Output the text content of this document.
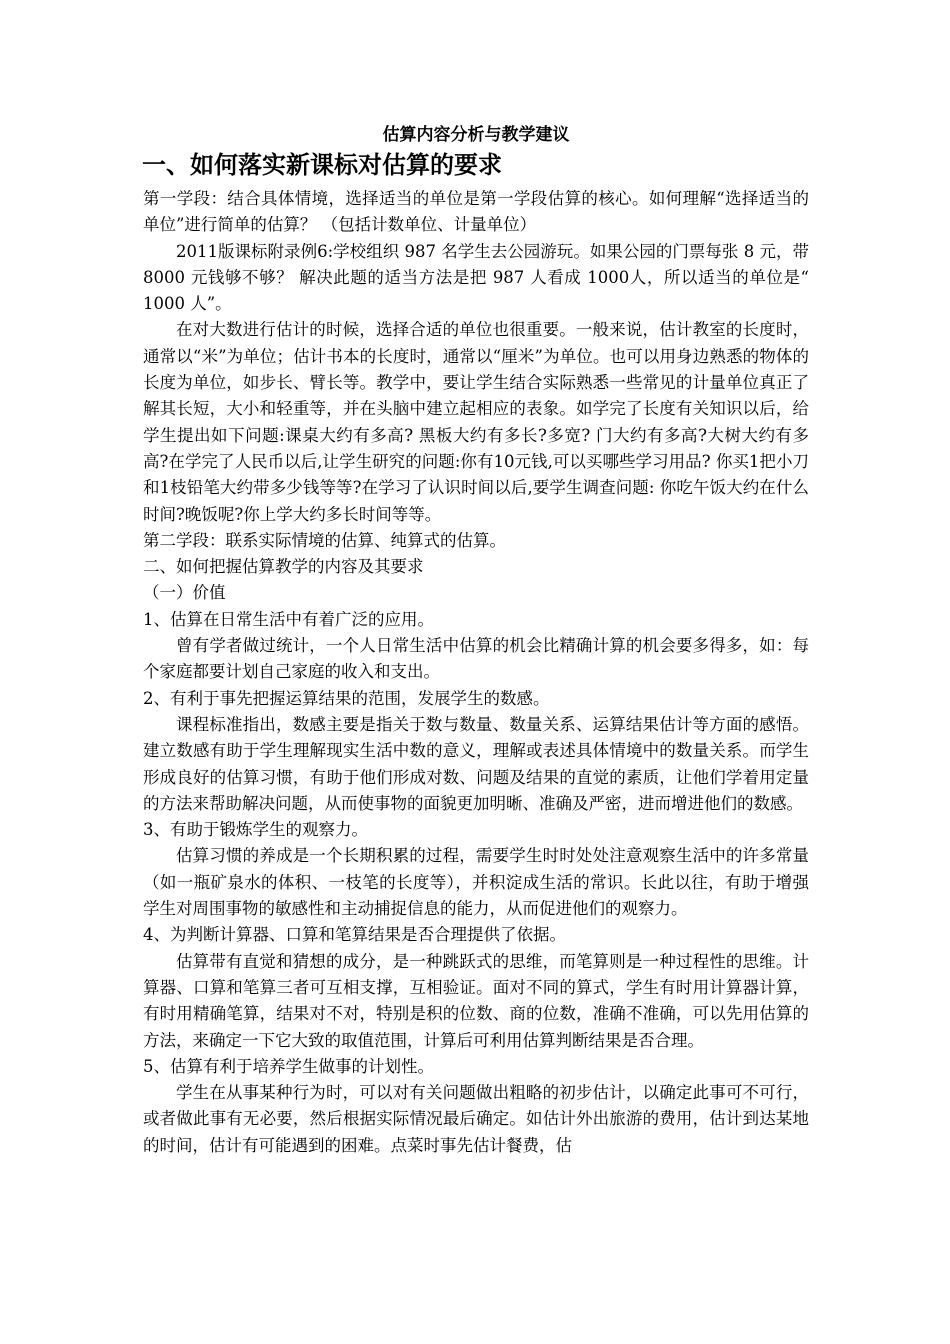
估算内容分析与教学建议
一、如何落实新课标对估算的要求

第一学段：结合具体情境，选择适当的单位是第一学段估算的核心。如何理解“选择适当的单位”进行简单的估算？ （包括计数单位、计量单位）

2011版课标附录例6:学校组织 987 名学生去公园游玩。如果公园的门票每张 8 元，带 8000 元钱够不够？ 解决此题的适当方法是把 987 人看成 1000人，所以适当的单位是“ 1000 人”。

在对大数进行估计的时候，选择合适的单位也很重要。一般来说，估计教室的长度时，通常以“米”为单位；估计书本的长度时，通常以“厘米”为单位。也可以用身边熟悉的物体的长度为单位，如步长、臂长等。教学中，要让学生结合实际熟悉一些常见的计量单位真正了解其长短，大小和轻重等，并在头脑中建立起相应的表象。如学完了长度有关知识以后，给学生提出如下问题:课桌大约有多高? 黑板大约有多长?多宽? 门大约有多高?大树大约有多高?在学完了人民币以后,让学生研究的问题:你有10元钱,可以买哪些学习用品? 你买1把小刀和1枝铅笔大约带多少钱等等?在学习了认识时间以后,要学生调查问题: 你吃午饭大约在什么时间?晚饭呢?你上学大约多长时间等等。

第二学段：联系实际情境的估算、纯算式的估算。

二、如何把握估算教学的内容及其要求

（一）价值

1、估算在日常生活中有着广泛的应用。

曾有学者做过统计，一个人日常生活中估算的机会比精确计算的机会要多得多，如：每个家庭都要计划自己家庭的收入和支出。

2、有利于事先把握运算结果的范围，发展学生的数感。

课程标准指出，数感主要是指关于数与数量、数量关系、运算结果估计等方面的感悟。建立数感有助于学生理解现实生活中数的意义，理解或表述具体情境中的数量关系。而学生形成良好的估算习惯，有助于他们形成对数、问题及结果的直觉的素质，让他们学着用定量的方法来帮助解决问题，从而使事物的面貌更加明晰、准确及严密，进而增进他们的数感。

3、有助于锻炼学生的观察力。

估算习惯的养成是一个长期积累的过程，需要学生时时处处注意观察生活中的许多常量（如一瓶矿泉水的体积、一枝笔的长度等），并积淀成生活的常识。长此以往，有助于增强学生对周围事物的敏感性和主动捕捉信息的能力，从而促进他们的观察力。

4、为判断计算器、口算和笔算结果是否合理提供了依据。

估算带有直觉和猜想的成分，是一种跳跃式的思维，而笔算则是一种过程性的思维。计算器、口算和笔算三者可互相支撑，互相验证。面对不同的算式，学生有时用计算器计算，有时用精确笔算，结果对不对，特别是积的位数、商的位数，准确不准确，可以先用估算的方法，来确定一下它大致的取值范围，计算后可利用估算判断结果是否合理。

5、估算有利于培养学生做事的计划性。

学生在从事某种行为时，可以对有关问题做出粗略的初步估计，以确定此事可不可行，或者做此事有无必要，然后根据实际情况最后确定。如估计外出旅游的费用，估计到达某地的时间，估计有可能遇到的困难。点菜时事先估计餐费，估
